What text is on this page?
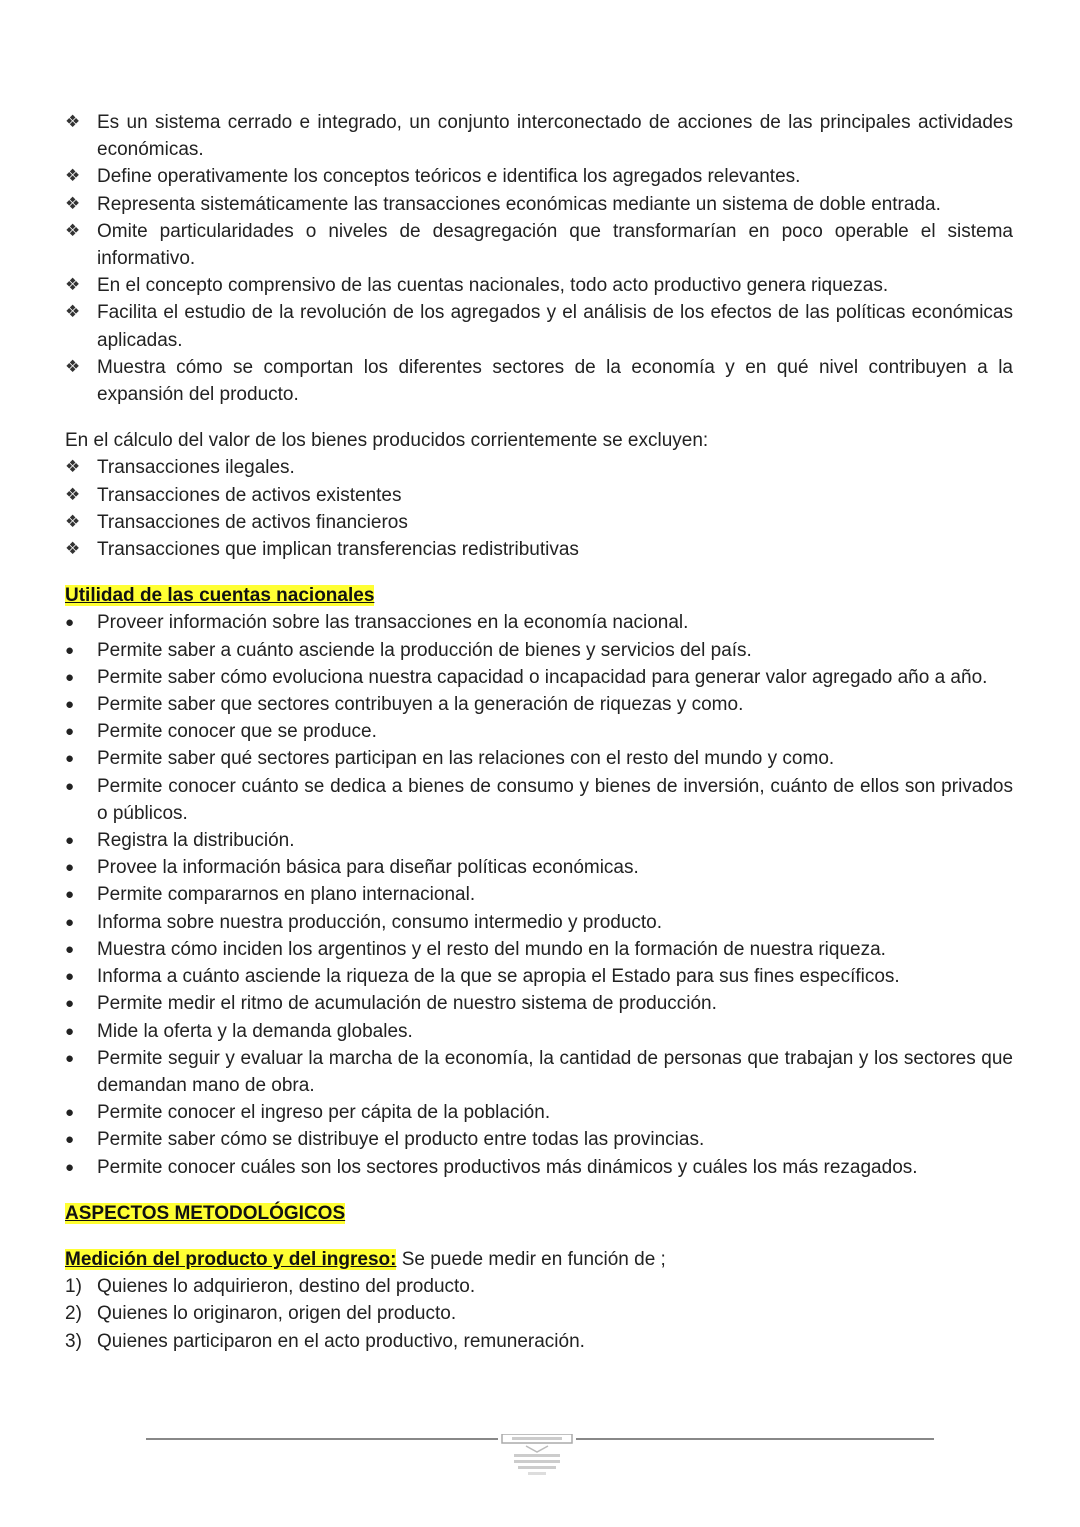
❖ Es un sistema cerrado e integrado, un conjunto interconectado de acciones de las principales actividades económicas.
❖ Define operativamente los conceptos teóricos e identifica los agregados relevantes.
❖ Representa sistemáticamente las transacciones económicas mediante un sistema de doble entrada.
❖ Omite particularidades o niveles de desagregación que transformarían en poco operable el sistema informativo.
❖ En el concepto comprensivo de las cuentas nacionales, todo acto productivo genera riquezas.
❖ Facilita el estudio de la revolución de los agregados y el análisis de los efectos de las políticas económicas aplicadas.
❖ Muestra cómo se comportan los diferentes sectores de la economía y en qué nivel contribuyen a la expansión del producto.
En el cálculo del valor de los bienes producidos corrientemente se excluyen:
❖ Transacciones ilegales.
❖ Transacciones de activos existentes
❖ Transacciones de activos financieros
❖ Transacciones que implican transferencias redistributivas
Utilidad de las cuentas nacionales
●	Proveer información sobre las transacciones en la economía nacional.
●	Permite saber a cuánto asciende la producción de bienes y servicios del país.
●	Permite saber cómo evoluciona nuestra capacidad o incapacidad para generar valor agregado año a año.
●	Permite saber que sectores contribuyen a la generación de riquezas y como.
●	Permite conocer que se produce.
●	Permite saber qué sectores participan en las relaciones con el resto del mundo y como.
●	Permite conocer cuánto se dedica a bienes de consumo y bienes de inversión, cuánto de ellos son privados o públicos.
●	Registra la distribución.
●	Provee la información básica para diseñar políticas económicas.
●	Permite compararnos en plano internacional.
●	Informa sobre nuestra producción, consumo intermedio y producto.
●	Muestra cómo inciden los argentinos y el resto del mundo en la formación de nuestra riqueza.
●	Informa a cuánto asciende la riqueza de la que se apropia el Estado para sus fines específicos.
●	Permite medir el ritmo de acumulación de nuestro sistema de producción.
●	Mide la oferta y la demanda globales.
●	Permite seguir y evaluar la marcha de la economía, la cantidad de personas que trabajan y los sectores que demandan mano de obra.
●	Permite conocer el ingreso per cápita de la población.
●	Permite saber cómo se distribuye el producto entre todas las provincias.
●	Permite conocer cuáles son los sectores productivos más dinámicos y cuáles los más rezagados.
ASPECTOS METODOLÓGICOS
Medición del producto y del ingreso: Se puede medir en función de ;
1) Quienes lo adquirieron, destino del producto.
2) Quienes lo originaron, origen del producto.
3) Quienes participaron en el acto productivo, remuneración.
